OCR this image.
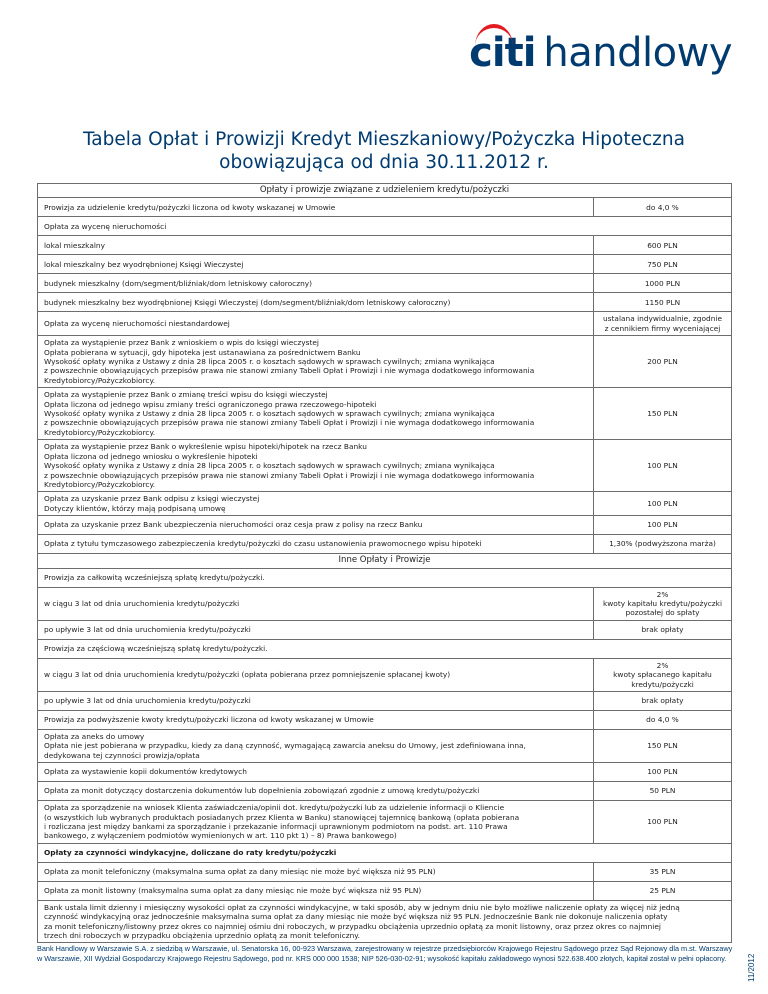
citi handlowy
Tabela Opłat i Prowizji Kredyt Mieszkaniowy/Pożyczka Hipoteczna
obowiązująca od dnia 30.11.2012 r.
Opłaty i prowizje związane z udzieleniem kredytu/pożyczki	
Prowizja za udzielenie kredytu/pożyczki liczona od kwoty wskazanej w Umowie	do 4,0 %
Opłata za wycenę nieruchomości	
lokal mieszkalny	600 PLN
lokal mieszkalny bez wyodrębnionej Księgi Wieczystej	750 PLN
budynek mieszkalny (dom/segment/bliźniak/dom letniskowy całoroczny)	1000 PLN
budynek mieszkalny bez wyodrębnionej Księgi Wieczystej (dom/segment/bliźniak/dom letniskowy całoroczny)	1150 PLN
Opłata za wycenę nieruchomości niestandardowej	ustalana indywidualnie, zgodnie
z cennikiem firmy wyceniającej

Opłata za wystąpienie przez Bank z wnioskiem o wpis do księgi wieczystej
Opłata pobierana w sytuacji, gdy hipoteka jest ustanawiana za pośrednictwem Banku
Wysokość opłaty wynika z Ustawy z dnia 28 lipca 2005 r. o kosztach sądowych w sprawach cywilnych; zmiana wynikająca
z powszechnie obowiązujących przepisów prawa nie stanowi zmiany Tabeli Opłat i Prowizji i nie wymaga dodatkowego informowania
Kredytobiorcy/Pożyczkobiorcy.	200 PLN

Opłata za wystąpienie przez Bank o zmianę treści wpisu do księgi wieczystej
Opłata liczona od jednego wpisu zmiany treści ograniczonego prawa rzeczowego-hipoteki
Wysokość opłaty wynika z Ustawy z dnia 28 lipca 2005 r. o kosztach sądowych w sprawach cywilnych; zmiana wynikająca
z powszechnie obowiązujących przepisów prawa nie stanowi zmiany Tabeli Opłat i Prowizji i nie wymaga dodatkowego informowania
Kredytobiorcy/Pożyczkobiorcy.	150 PLN

Opłata za wystąpienie przez Bank o wykreślenie wpisu hipoteki/hipotek na rzecz Banku
Opłata liczona od jednego wniosku o wykreślenie hipoteki
Wysokość opłaty wynika z Ustawy z dnia 28 lipca 2005 r. o kosztach sądowych w sprawach cywilnych; zmiana wynikająca
z powszechnie obowiązujących przepisów prawa nie stanowi zmiany Tabeli Opłat i Prowizji i nie wymaga dodatkowego informowania
Kredytobiorcy/Pożyczkobiorcy.	100 PLN

Opłata za uzyskanie przez Bank odpisu z księgi wieczystej
Dotyczy klientów, którzy mają podpisaną umowę	100 PLN
Opłata za uzyskanie przez Bank ubezpieczenia nieruchomości oraz cesja praw z polisy na rzecz Banku	100 PLN
Opłata z tytułu tymczasowego zabezpieczenia kredytu/pożyczki do czasu ustanowienia prawomocnego wpisu hipoteki	1,30% (podwyższona marża)
Inne Opłaty i Prowizje	
Prowizja za całkowitą wcześniejszą spłatę kredytu/pożyczki.	
w ciągu 3 lat od dnia uruchomienia kredytu/pożyczki	2%
kwoty kapitału kredytu/pożyczki
pozostałej do spłaty

po upływie 3 lat od dnia uruchomienia kredytu/pożyczki	brak opłaty
Prowizja za częściową wcześniejszą spłatę kredytu/pożyczki.	
w ciągu 3 lat od dnia uruchomienia kredytu/pożyczki (opłata pobierana przez pomniejszenie spłacanej kwoty)	2%
kwoty spłacanego kapitału
kredytu/pożyczki

po upływie 3 lat od dnia uruchomienia kredytu/pożyczki	brak opłaty
Prowizja za podwyższenie kwoty kredytu/pożyczki liczona od kwoty wskazanej w Umowie	do 4,0 %

Opłata za aneks do umowy
Opłata nie jest pobierana w przypadku, kiedy za daną czynność, wymagającą zawarcia aneksu do Umowy, jest zdefiniowana inna,
dedykowana tej czynności prowizja/opłata	150 PLN
Opłata za wystawienie kopii dokumentów kredytowych	100 PLN
Opłata za monit dotyczący dostarczenia dokumentów lub dopełnienia zobowiązań zgodnie z umową kredytu/pożyczki	50 PLN

Opłata za sporządzenie na wniosek Klienta zaświadczenia/opinii dot. kredytu/pożyczki lub za udzielenie informacji o Kliencie
(o wszystkich lub wybranych produktach posiadanych przez Klienta w Banku) stanowiącej tajemnicę bankową (opłata pobierana
i rozliczana jest między bankami za sporządzanie i przekazanie informacji uprawnionym podmiotom na podst. art. 110 Prawa
bankowego, z wyłączeniem podmiotów wymienionych w art. 110 pkt 1) – 8) Prawa bankowego)	100 PLN
Opłaty za czynności windykacyjne, doliczane do raty kredytu/pożyczki	
Opłata za monit telefoniczny (maksymalna suma opłat za dany miesiąc nie może być większa niż 95 PLN)	35 PLN
Opłata za monit listowny (maksymalna suma opłat za dany miesiąc nie może być większa niż 95 PLN)	25 PLN

Bank ustala limit dzienny i miesięczny wysokości opłat za czynności windykacyjne, w taki sposób, aby w jednym dniu nie było możliwe naliczenie opłaty za więcej niż jedną
czynność windykacyjną oraz jednocześnie maksymalna suma opłat za dany miesiąc nie może być większa niż 95 PLN. Jednocześnie Bank nie dokonuje naliczenia opłaty
za monit telefoniczny/listowny przez okres co najmniej ośmiu dni roboczych, w przypadku obciążenia uprzednio opłatą za monit listowny, oraz przez okres co najmniej
trzech dni roboczych w przypadku obciążenia uprzednio opłatą za monit telefoniczny.	
Bank Handlowy w Warszawie S.A. z siedzibą w Warszawie, ul. Senatorska 16, 00-923 Warszawa, zarejestrowany w rejestrze przedsiębiorców Krajowego Rejestru Sądowego przez Sąd Rejonowy dla m.st. Warszawy
w Warszawie, XII Wydział Gospodarczy Krajowego Rejestru Sądowego, pod nr. KRS 000 000 1538; NIP 526-030-02-91; wysokość kapitału zakładowego wynosi 522.638.400 złotych, kapitał został w pełni opłacony.	11/2012
